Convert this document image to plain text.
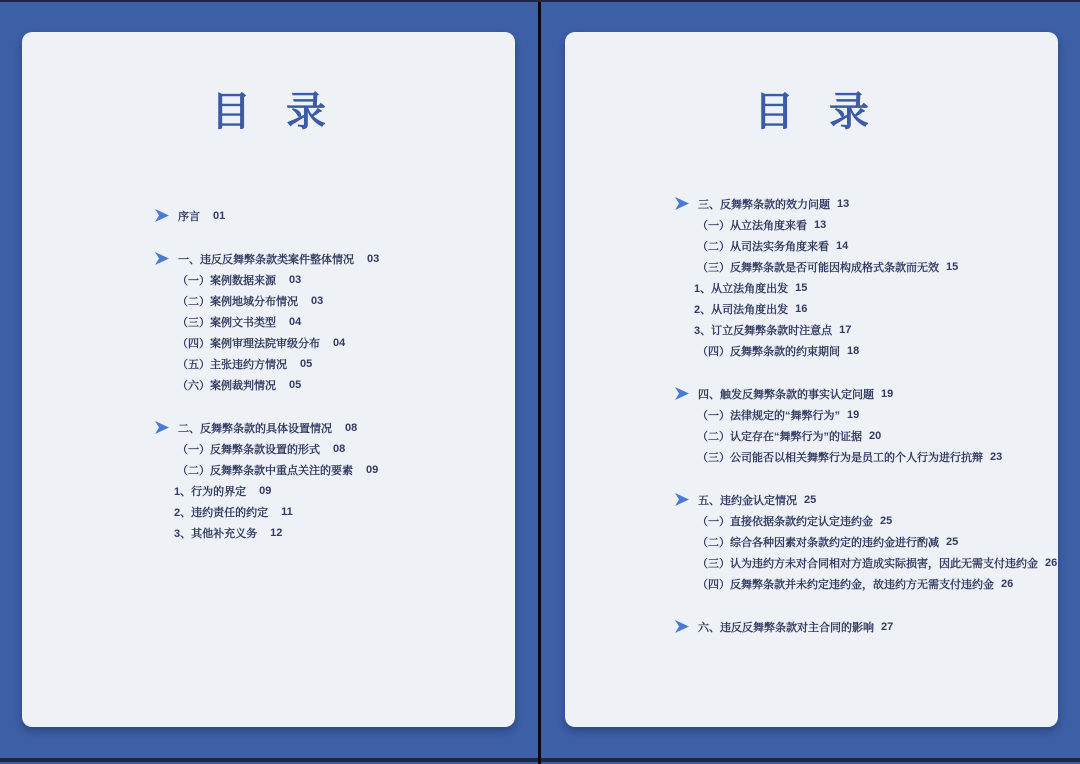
目 录
序言 01
一、违反反舞弊条款类案件整体情况 03
（一）案例数据来源 03
（二）案例地域分布情况 03
（三）案例文书类型 04
（四）案例审理法院审级分布 04
（五）主张违约方情况 05
（六）案例裁判情况 05
二、反舞弊条款的具体设置情况 08
（一）反舞弊条款设置的形式 08
（二）反舞弊条款中重点关注的要素 09
1、行为的界定 09
2、违约责任的约定 11
3、其他补充义务 12
目 录
三、反舞弊条款的效力问题 13
（一）从立法角度来看 13
（二）从司法实务角度来看 14
（三）反舞弊条款是否可能因构成格式条款而无效 15
1、从立法角度出发 15
2、从司法角度出发 16
3、订立反舞弊条款时注意点 17
（四）反舞弊条款的约束期间 18
四、触发反舞弊条款的事实认定问题 19
（一）法律规定的“舞弊行为” 19
（二）认定存在“舞弊行为”的证据 20
（三）公司能否以相关舞弊行为是员工的个人行为进行抗辩 23
五、违约金认定情况 25
（一）直接依据条款约定认定违约金 25
（二）综合各种因素对条款约定的违约金进行酌减 25
（三）认为违约方未对合同相对方造成实际损害，因此无需支付违约金 26
（四）反舞弊条款并未约定违约金，故违约方无需支付违约金 26
六、违反反舞弊条款对主合同的影响 27
